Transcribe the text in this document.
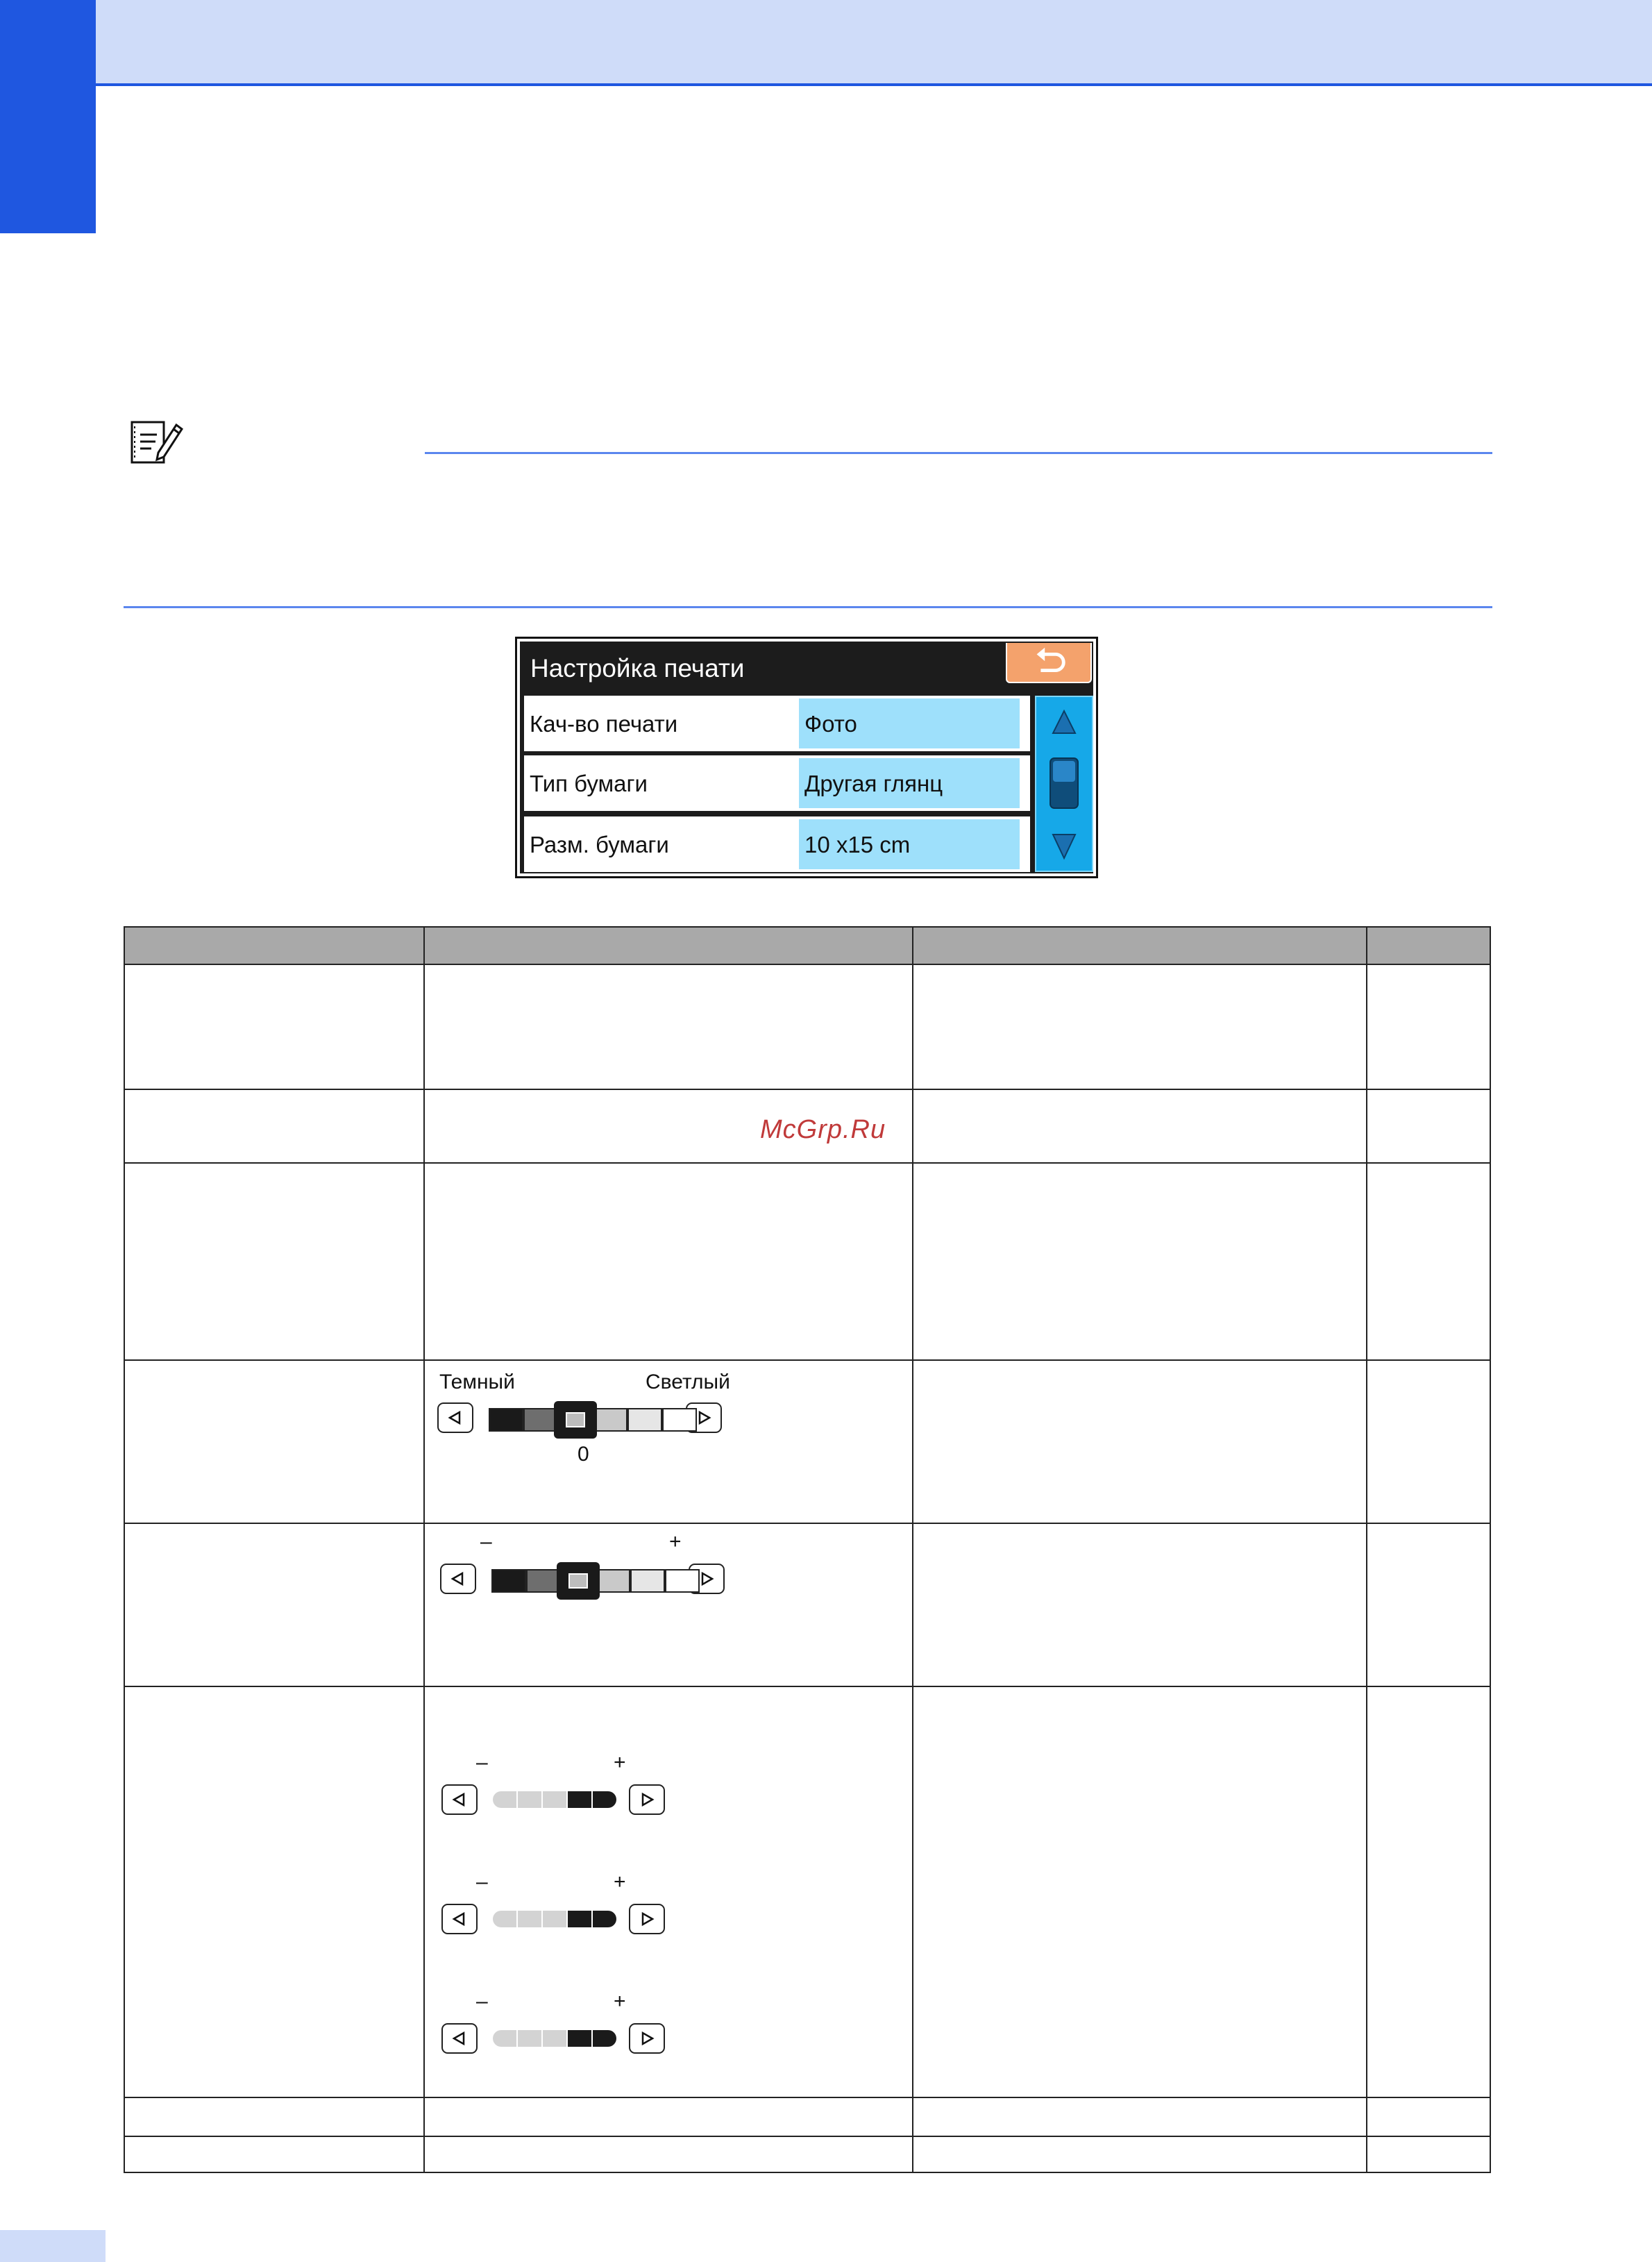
Настройка печати
Кач-во печати	Фото
Тип бумаги	Другая глянц
Разм. бумаги	10 x15 cm
Темный	Светлый
0
–	+
–	+
–	+
–	+
McGrp.Ru
